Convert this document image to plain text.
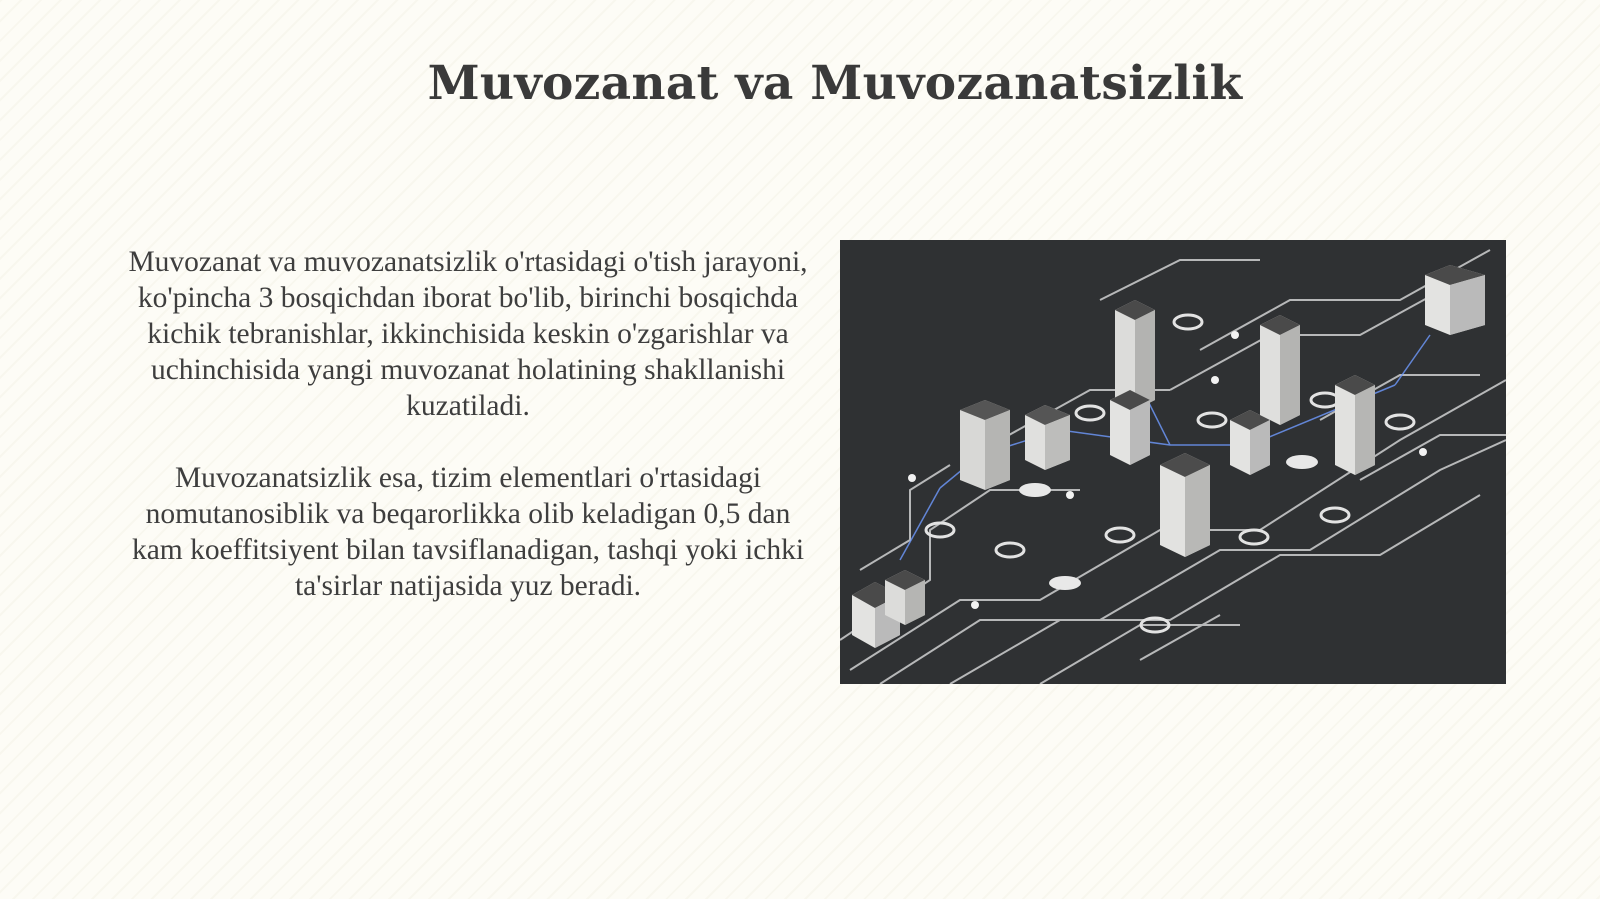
Muvozanat va Muvozanatsizlik

Muvozanat va muvozanatsizlik o'rtasidagi o'tish jarayoni, ko'pincha 3 bosqichdan iborat bo'lib, birinchi bosqichda kichik tebranishlar, ikkinchisida keskin o'zgarishlar va uchinchisida yangi muvozanat holatining shakllanishi kuzatiladi.

Muvozanatsizlik esa, tizim elementlari o'rtasidagi nomutanosiblik va beqarorlikka olib keladigan 0,5 dan kam koeffitsiyent bilan tavsiflanadigan, tashqi yoki ichki ta'sirlar natijasida yuz beradi.
